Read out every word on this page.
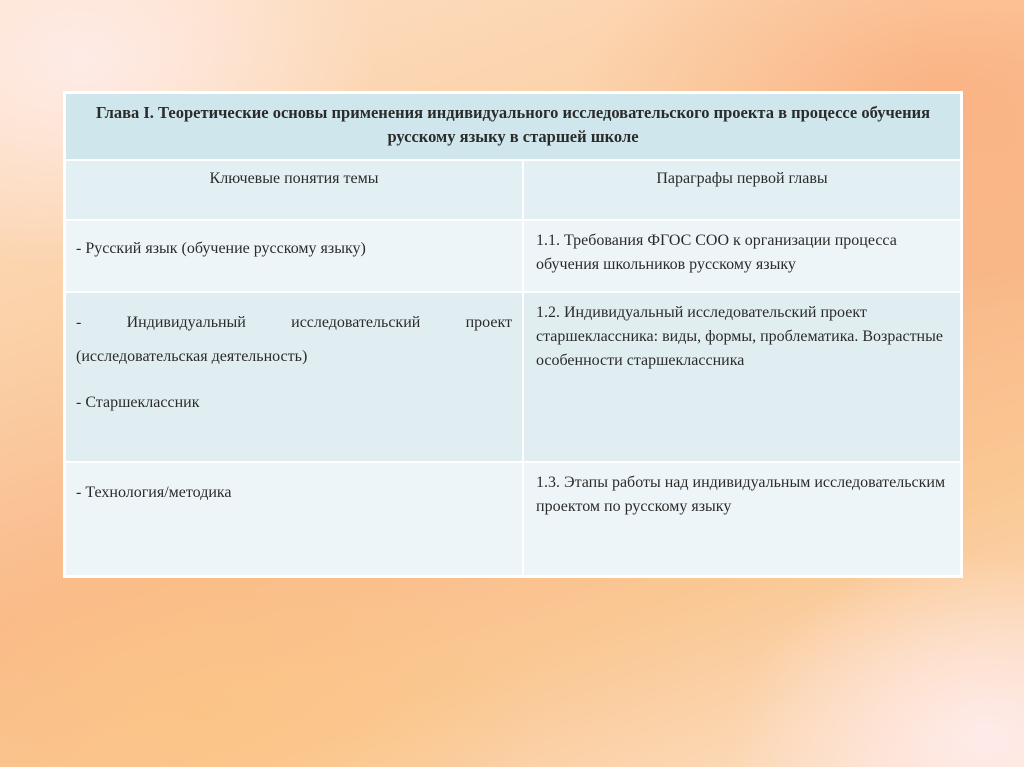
Глава I. Теоретические основы применения индивидуального исследовательского проекта в процессе обучения русскому языку в старшей школе	
Ключевые понятия темы	Параграфы первой главы

- Русский язык (обучение русскому языку)	1.1. Требования ФГОС СОО к организации процесса обучения школьников русскому языку

- Индивидуальный исследовательский проект
(исследовательская деятельность)
- Старшеклассник	1.2. Индивидуальный исследовательский проект старшеклассника: виды, формы, проблематика. Возрастные особенности старшеклассника

- Технология/методика	1.3. Этапы работы над индивидуальным исследовательским проектом по русскому языку
